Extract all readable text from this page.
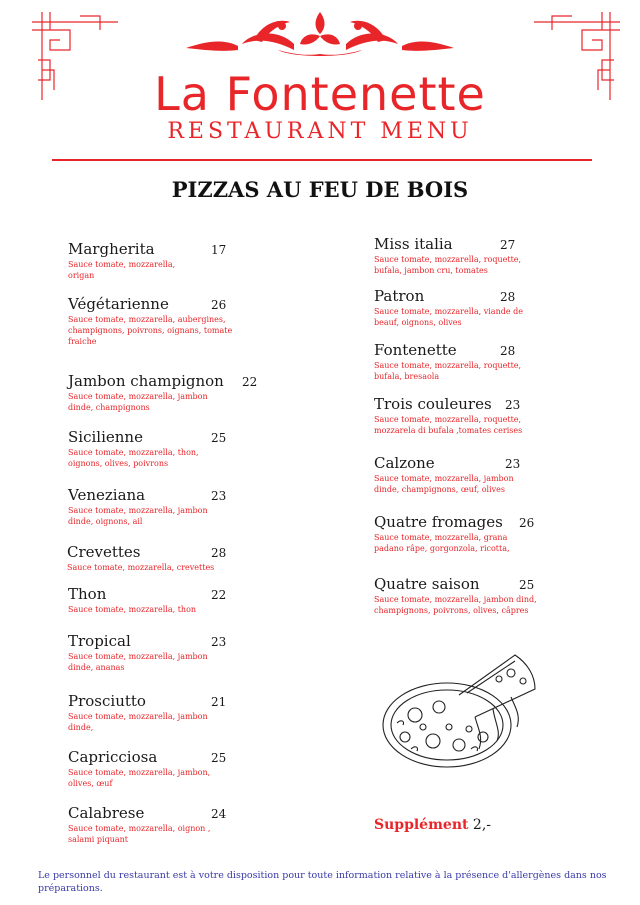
La Fontenette
RESTAURANT MENU
PIZZAS AU FEU DE BOIS
Margherita	17
Sauce tomate, mozzarella, origan
Végétarienne	26
Sauce tomate, mozzarella, aubergines, champignons, poivrons, oignans, tomate fraiche
Jambon champignon 22
Sauce tomate, mozzarella, jambon dinde, champignons
Sicilienne	25
Sauce tomate, mozzarella, thon, oignons, olives, poivrons
Veneziana	23
Sauce tomate, mozzarella, jambon dinde, oignons, ail
Crevettes	28
Sauce tomate, mozzarella, crevettes
Thon	22
Sauce tomate, mozzarella, thon
Tropical	23
Sauce tomate, mozzarella, jambon dinde, ananas
Prosciutto	21
Sauce tomate, mozzarella, jambon dinde,
Capricciosa	25
Sauce tomate, mozzarella, jambon, olives, œuf
Calabrese	24
Sauce tomate, mozzarella, oignon , salami piquant
Miss italia	27
Sauce tomate, mozzarella, roquette, bufala, jambon cru, tomates
Patron	28
Sauce tomate, mozzarella, viande de beauf, oignons, olives
Fontenette	28
Sauce tomate, mozzarella, roquette, bufala, bresaola
Trois couleures 23
Sauce tomate, mozzarella, roquette, mozzarela di bufala ,tomates cerises
Calzone	23
Sauce tomate, mozzarella, jambon dinde, champignons, œuf, olives
Quatre fromages 26
Sauce tomate, mozzarella, grana padano râpe, gorgonzola, ricotta,
Quatre saison	25
Sauce tomate, mozzarella, jambon dind, champignons, poivrons, olives, câpres
Supplément 2,-
Le personnel du restaurant est à votre disposition pour toute information relative à la présence d'allergènes dans nos préparations.
